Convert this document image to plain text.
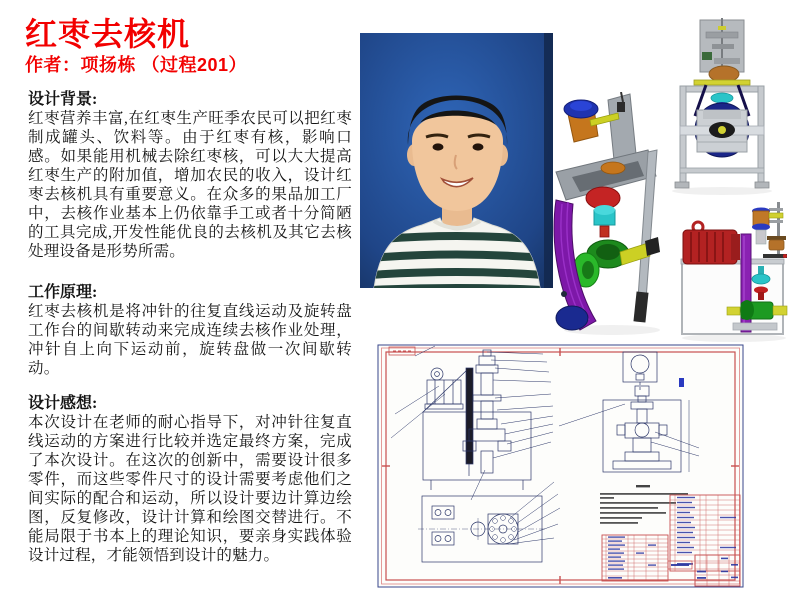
红枣去核机
作者：项扬栋 （过程201）
设计背景:

红枣营养丰富,在红枣生产旺季农民可以把红枣制成罐头、饮料等。由于红枣有核，影响口感。如果能用机械去除红枣核，可以大大提高红枣生产的附加值，增加农民的收入，设计红枣去核机具有重要意义。在众多的果品加工厂中，去核作业基本上仍依靠手工或者十分简陋的工具完成,开发性能优良的去核机及其它去核处理设备是形势所需。

工作原理:

红枣去核机是将冲针的往复直线运动及旋转盘工作台的间歇转动来完成连续去核作业处理，冲针自上向下运动前，旋转盘做一次间歇转动。

设计感想:

本次设计在老师的耐心指导下，对冲针往复直线运动的方案进行比较并选定最终方案，完成了本次设计。在这次的创新中，需要设计很多零件，而这些零件尺寸的设计需要考虑他们之间实际的配合和运动，所以设计要边计算边绘图，反复修改，设计计算和绘图交替进行。不能局限于书本上的理论知识，要亲身实践体验设计过程，才能领悟到设计的魅力。
